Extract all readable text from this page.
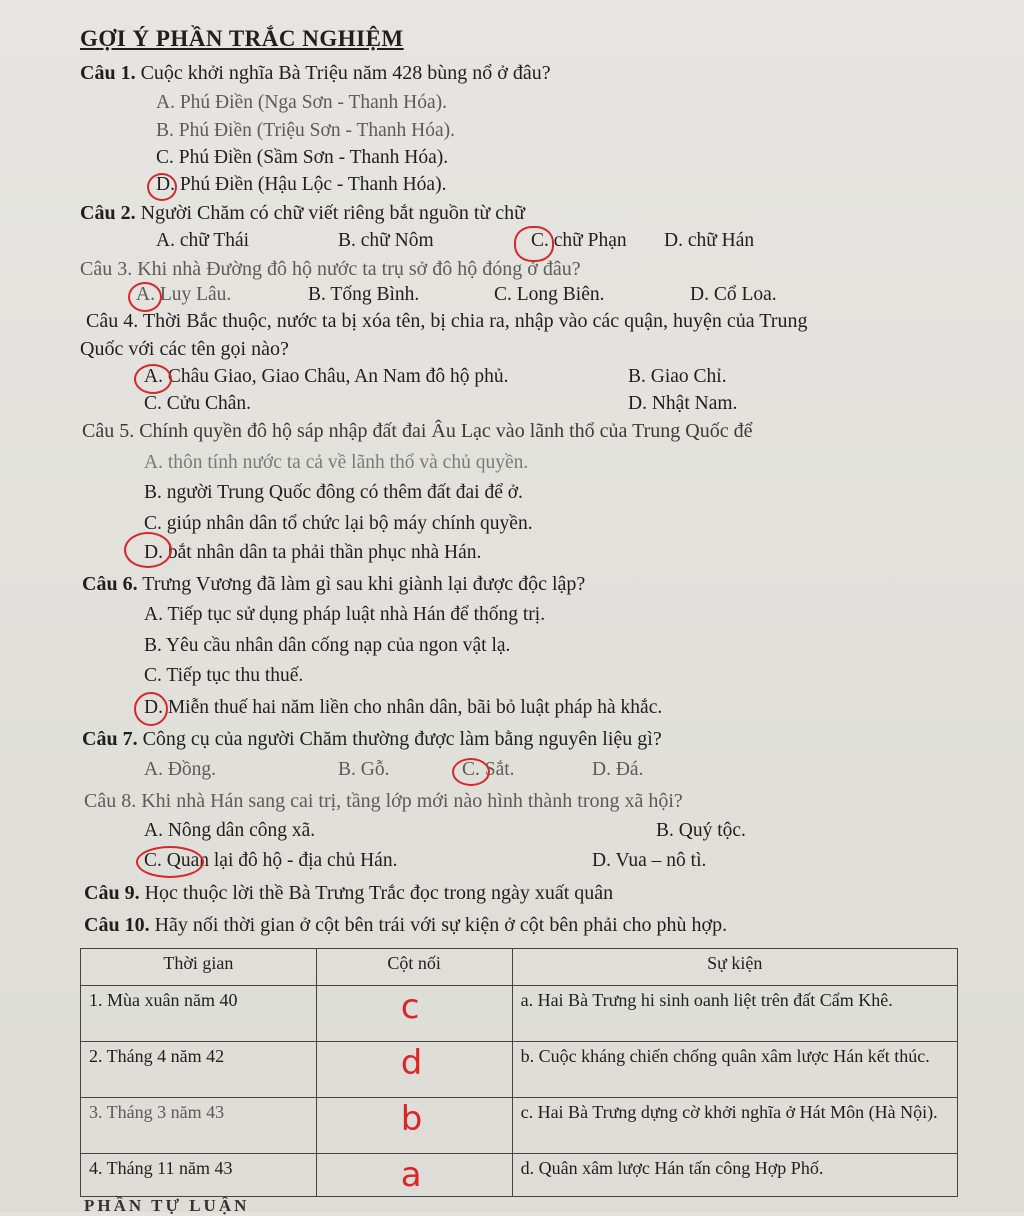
GỢI Ý PHẦN TRẮC NGHIỆM
Câu 1. Cuộc khởi nghĩa Bà Triệu năm 428 bùng nổ ở đâu?
A. Phú Điền (Nga Sơn - Thanh Hóa).
B. Phú Điền (Triệu Sơn - Thanh Hóa).
C. Phú Điền (Sầm Sơn - Thanh Hóa).
D. Phú Điền (Hậu Lộc - Thanh Hóa).
Câu 2. Người Chăm có chữ viết riêng bắt nguồn từ chữ
A. chữ Thái	B. chữ Nôm	C. chữ Phạn D. chữ Hán
Câu 3. Khi nhà Đường đô hộ nước ta trụ sở đô hộ đóng ở đâu?
A. Luy Lâu.	B. Tống Bình.	C. Long Biên.	D. Cổ Loa.
Câu 4. Thời Bắc thuộc, nước ta bị xóa tên, bị chia ra, nhập vào các quận, huyện của Trung
Quốc với các tên gọi nào?
A. Châu Giao, Giao Châu, An Nam đô hộ phủ.	B. Giao Chỉ.
C. Cửu Chân.	D. Nhật Nam.
Câu 5. Chính quyền đô hộ sáp nhập đất đai Âu Lạc vào lãnh thổ của Trung Quốc để
A. thôn tính nước ta cả về lãnh thổ và chủ quyền.
B. người Trung Quốc đông có thêm đất đai để ở.
C. giúp nhân dân tổ chức lại bộ máy chính quyền.
D. bắt nhân dân ta phải thần phục nhà Hán.
Câu 6. Trưng Vương đã làm gì sau khi giành lại được độc lập?
A. Tiếp tục sử dụng pháp luật nhà Hán để thống trị.
B. Yêu cầu nhân dân cống nạp của ngon vật lạ.
C. Tiếp tục thu thuế.
D. Miễn thuế hai năm liền cho nhân dân, bãi bỏ luật pháp hà khắc.
Câu 7. Công cụ của người Chăm thường được làm bằng nguyên liệu gì?
A. Đồng.	B. Gỗ.	C. Sắt.	D. Đá.
Câu 8. Khi nhà Hán sang cai trị, tầng lớp mới nào hình thành trong xã hội?
A. Nông dân công xã.	B. Quý tộc.
C. Quan lại đô hộ - địa chủ Hán.	D. Vua – nô tì.
Câu 9. Học thuộc lời thề Bà Trưng Trắc đọc trong ngày xuất quân
Câu 10. Hãy nối thời gian ở cột bên trái với sự kiện ở cột bên phải cho phù hợp.
Thời gian	Cột nối	Sự kiện
1. Mùa xuân năm 40	c	a. Hai Bà Trưng hi sinh oanh liệt trên đất Cẩm Khê.
2. Tháng 4 năm 42	d	b. Cuộc kháng chiến chống quân xâm lược Hán kết thúc.
3. Tháng 3 năm 43	b	c. Hai Bà Trưng dựng cờ khởi nghĩa ở Hát Môn (Hà Nội).
4. Tháng 11 năm 43	a	d. Quân xâm lược Hán tấn công Hợp Phố.
PHẦN TỰ LUẬN
